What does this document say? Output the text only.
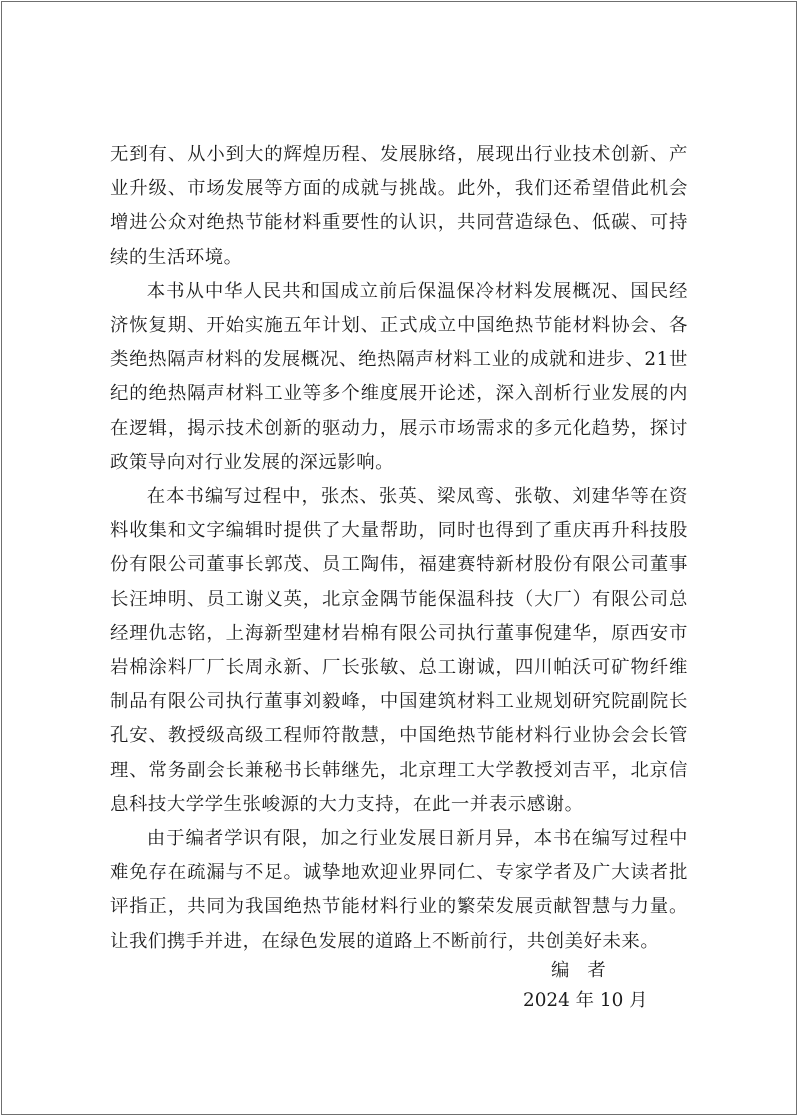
无到有、从小到大的辉煌历程、发展脉络，展现出行业技术创新、产业升级、市场发展等方面的成就与挑战。此外，我们还希望借此机会增进公众对绝热节能材料重要性的认识，共同营造绿色、低碳、可持续的生活环境。

本书从中华人民共和国成立前后保温保冷材料发展概况、国民经济恢复期、开始实施五年计划、正式成立中国绝热节能材料协会、各类绝热隔声材料的发展概况、绝热隔声材料工业的成就和进步、21世纪的绝热隔声材料工业等多个维度展开论述，深入剖析行业发展的内在逻辑，揭示技术创新的驱动力，展示市场需求的多元化趋势，探讨政策导向对行业发展的深远影响。

在本书编写过程中，张杰、张英、梁凤鸾、张敬、刘建华等在资料收集和文字编辑时提供了大量帮助，同时也得到了重庆再升科技股份有限公司董事长郭茂、员工陶伟，福建赛特新材股份有限公司董事长汪坤明、员工谢义英，北京金隅节能保温科技（大厂）有限公司总经理仇志铭，上海新型建材岩棉有限公司执行董事倪建华，原西安市岩棉涂料厂厂长周永新、厂长张敏、总工谢诚，四川帕沃可矿物纤维制品有限公司执行董事刘毅峰，中国建筑材料工业规划研究院副院长孔安、教授级高级工程师符散慧，中国绝热节能材料行业协会会长管理、常务副会长兼秘书长韩继先，北京理工大学教授刘吉平，北京信息科技大学学生张峻源的大力支持，在此一并表示感谢。

由于编者学识有限，加之行业发展日新月异，本书在编写过程中难免存在疏漏与不足。诚挚地欢迎业界同仁、专家学者及广大读者批评指正，共同为我国绝热节能材料行业的繁荣发展贡献智慧与力量。让我们携手并进，在绿色发展的道路上不断前行，共创美好未来。

编者
2024 年 10 月
